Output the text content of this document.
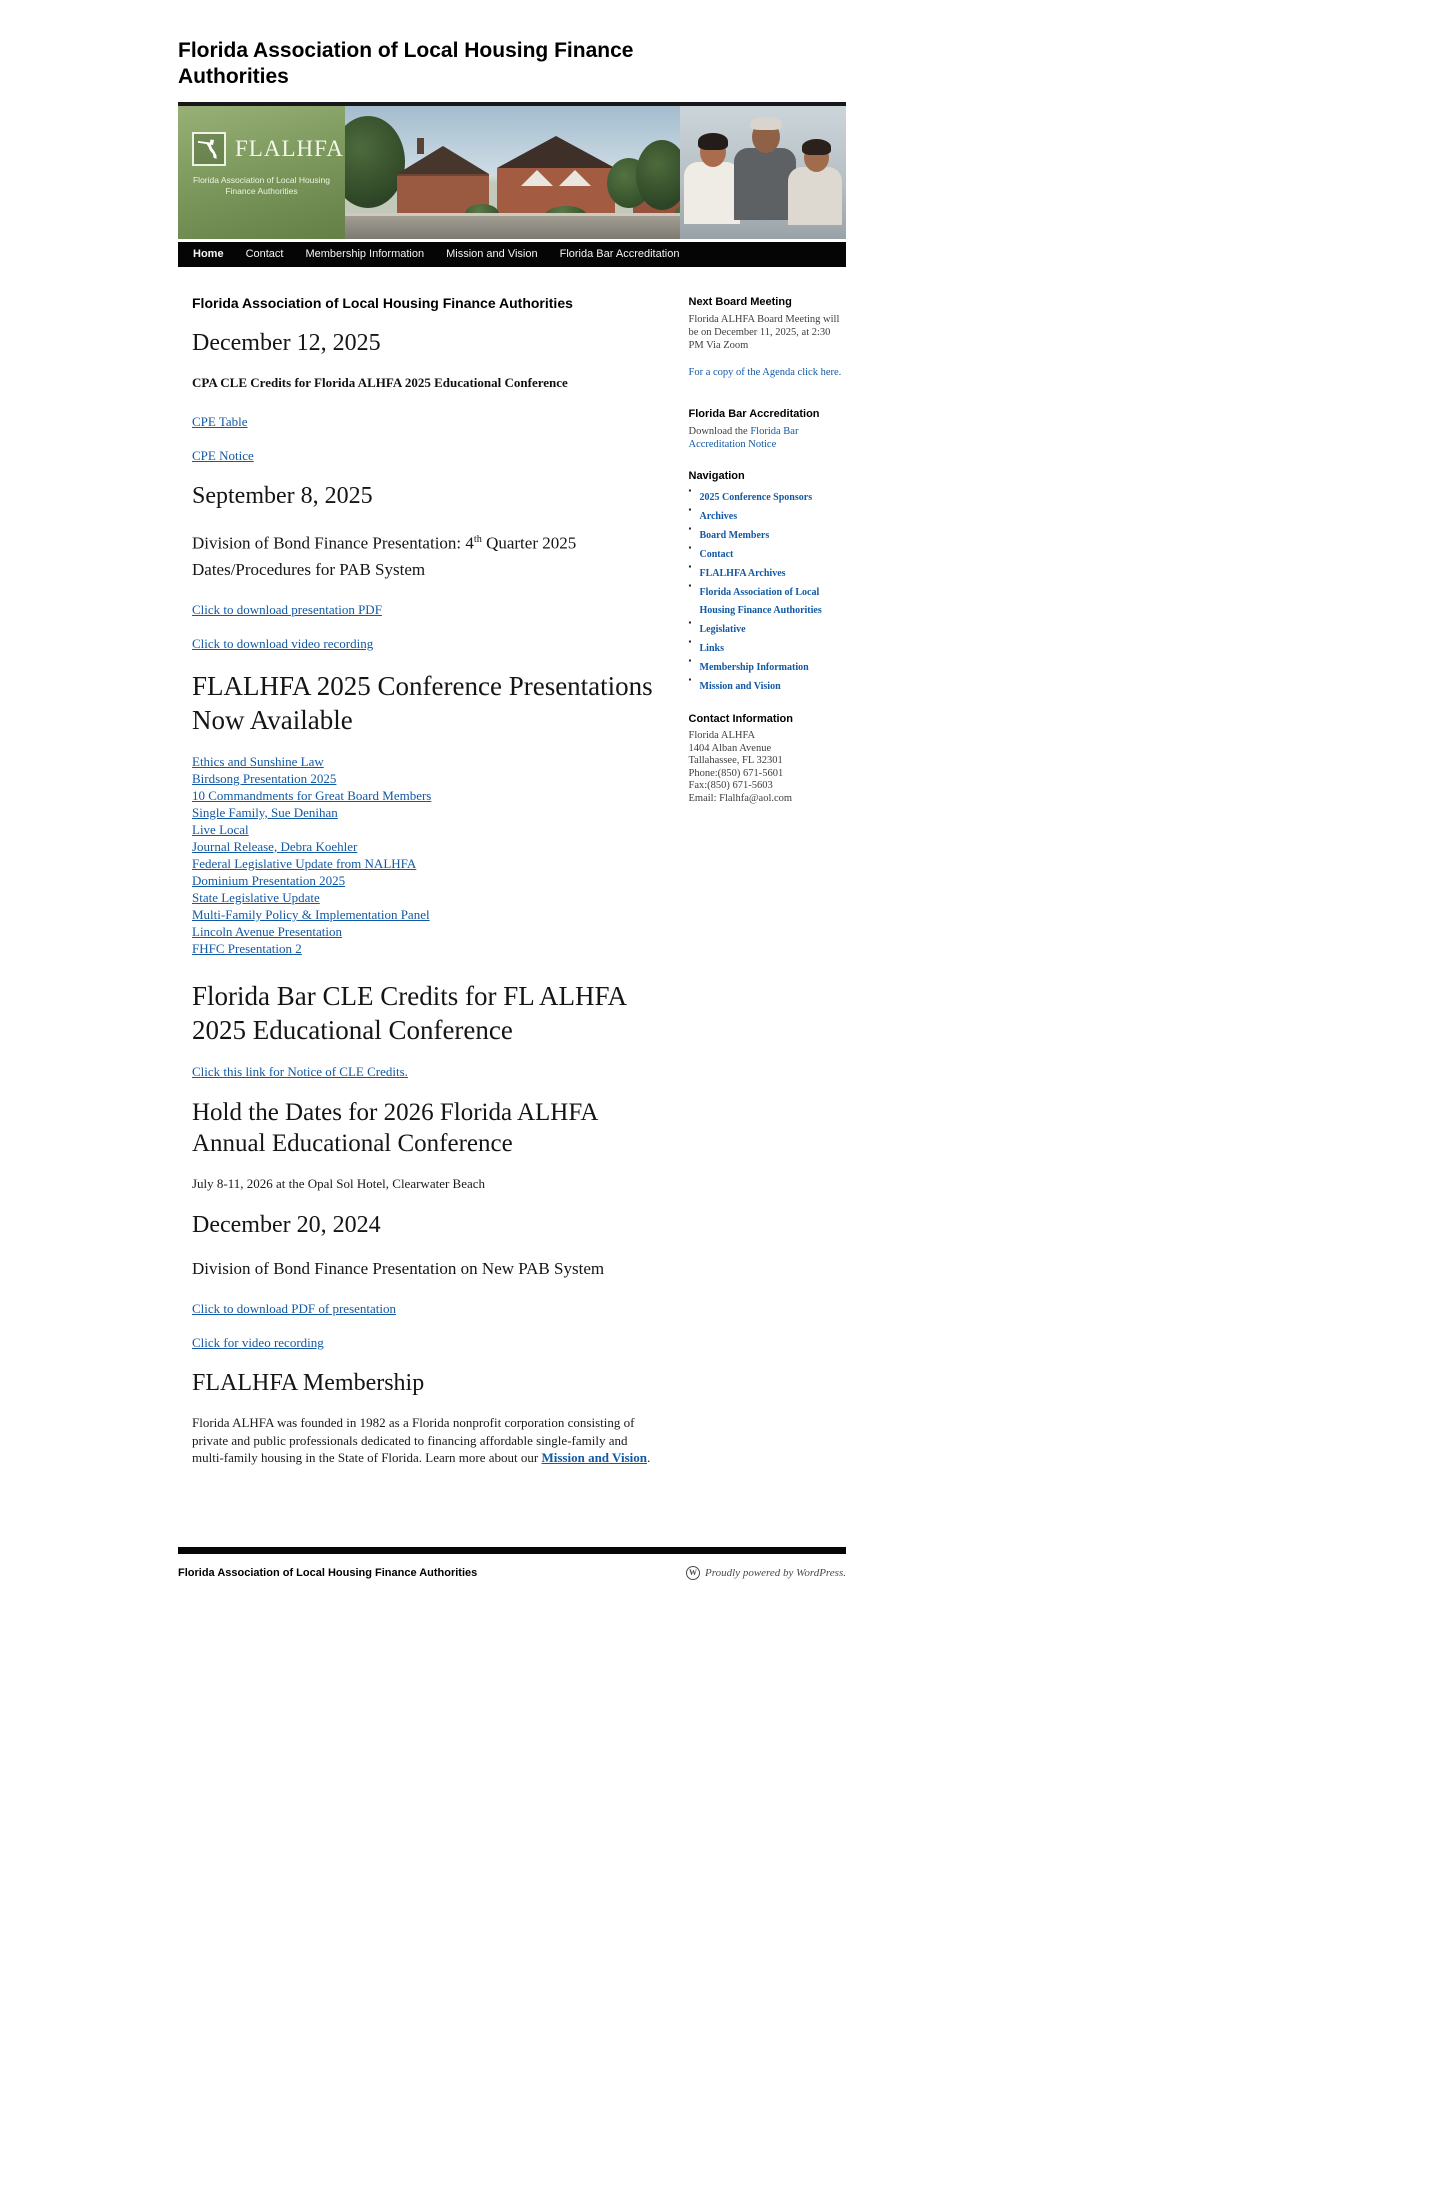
Florida Association of Local Housing Finance Authorities
FLALHFA
Florida Association of Local Housing Finance Authorities
Home	Contact	Membership Information	Mission and Vision	Florida Bar Accreditation
Florida Association of Local Housing Finance Authorities
December 12, 2025

CPA CLE Credits for Florida ALHFA 2025 Educational Conference

CPE Table

CPE Notice

September 8, 2025
Division of Bond Finance Presentation: 4th Quarter 2025 Dates/Procedures for PAB System

Click to download presentation PDF

Click to download video recording

FLALHFA 2025 Conference Presentations Now Available
Ethics and Sunshine Law
Birdsong Presentation 2025
10 Commandments for Great Board Members
Single Family, Sue Denihan
Live Local
Journal Release, Debra Koehler
Federal Legislative Update from NALHFA
Dominium Presentation 2025
State Legislative Update
Multi-Family Policy & Implementation Panel
Lincoln Avenue Presentation
FHFC Presentation 2
Florida Bar CLE Credits for FL ALHFA 2025 Educational Conference

Click this link for Notice of CLE Credits.

Hold the Dates for 2026 Florida ALHFA Annual Educational Conference

July 8-11, 2026 at the Opal Sol Hotel, Clearwater Beach

December 20, 2024
Division of Bond Finance Presentation on New PAB System

Click to download PDF of presentation

Click for video recording

FLALHFA Membership

Florida ALHFA was founded in 1982 as a Florida nonprofit corporation consisting of private and public professionals dedicated to financing affordable single-family and multi-family housing in the State of Florida. Learn more about our Mission and Vision.

Next Board Meeting

Florida ALHFA Board Meeting will be on December 11, 2025, at 2:30 PM Via Zoom

For a copy of the Agenda click here.

Florida Bar Accreditation

Download the Florida Bar Accreditation Notice

Navigation
▪ 2025 Conference Sponsors
▪ Archives
▪ Board Members
▪ Contact
▪ FLALHFA Archives
▪ Florida Association of Local Housing Finance Authorities
▪ Legislative
▪ Links
▪ Membership Information
▪ Mission and Vision
Contact Information

Florida ALHFA
1404 Alban Avenue
Tallahassee, FL 32301
Phone:(850) 671-5601
Fax:(850) 671-5603
Email: Flalhfa@aol.com

Florida Association of Local Housing Finance Authorities	W Proudly powered by WordPress.
